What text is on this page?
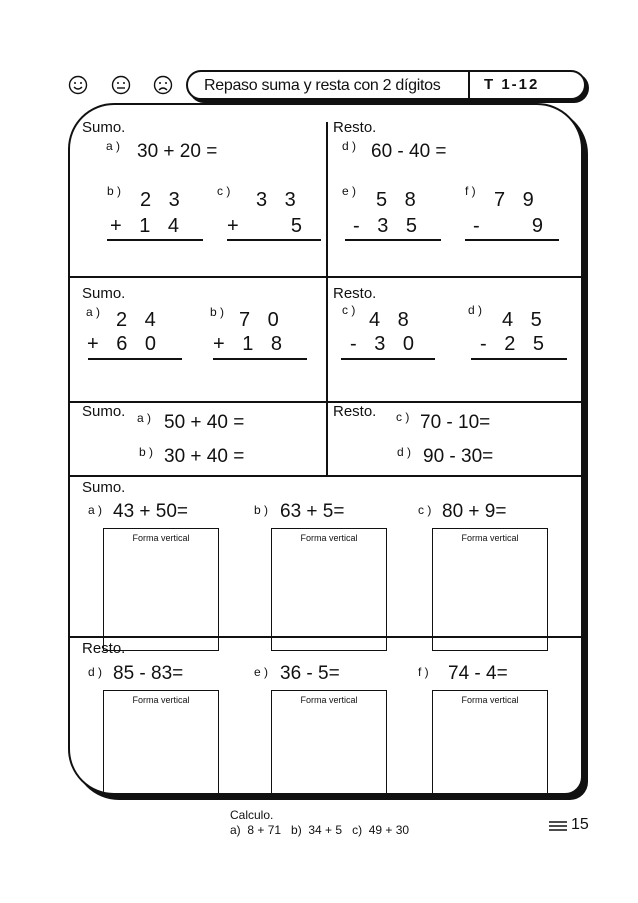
Repaso suma y resta con 2 dígitos	T 1-12
Sumo.
a ) 30 + 20 =
b ) 2 3
+ 1 4
c ) 3 3
+    5
Resto.
d ) 60 - 40 =
e ) 5 8
- 3 5
f ) 7 9
-    9
Sumo.
a ) 2 4
+ 6 0
b ) 7 0
+ 1 8
Resto.
c ) 4 8
- 3 0
d ) 4 5
- 2 5
Sumo. a ) 50 + 40 =
b ) 30 + 40 =
Resto. c ) 70 - 10=
d ) 90 - 30=
Sumo.
a ) 43 + 50=	b ) 63 + 5=	c ) 80 + 9=
Forma vertical	Forma vertical	Forma vertical
Resto.
d ) 85 - 83=	e ) 36 - 5=	f ) 74 - 4=
Forma vertical	Forma vertical	Forma vertical
Calculo.
a)  8 + 71   b)  34 + 5   c)  49 + 30	15
